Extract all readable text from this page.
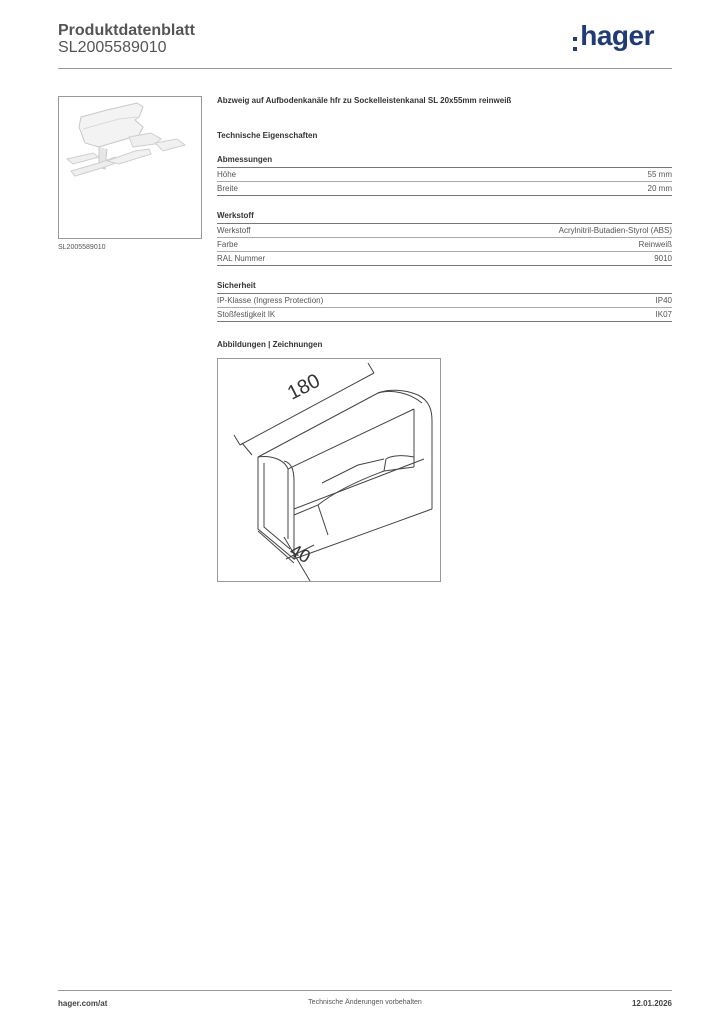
Produktdatenblatt
SL2005589010	hager
SL2005589010
Abzweig auf Aufbodenkanäle hfr zu Sockelleistenkanal SL 20x55mm reinweiß
Technische Eigenschaften
Abmessungen
Höhe	55 mm
Breite	20 mm
Werkstoff
Werkstoff	Acrylnitril-Butadien-Styrol (ABS)
Farbe	Reinweiß
RAL Nummer	9010
Sicherheit
IP-Klasse (Ingress Protection)	IP40
Stoßfestigkeit IK	IK07
Abbildungen | Zeichnungen
180
40
hager.com/at	Technische Änderungen vorbehalten	12.01.2026
